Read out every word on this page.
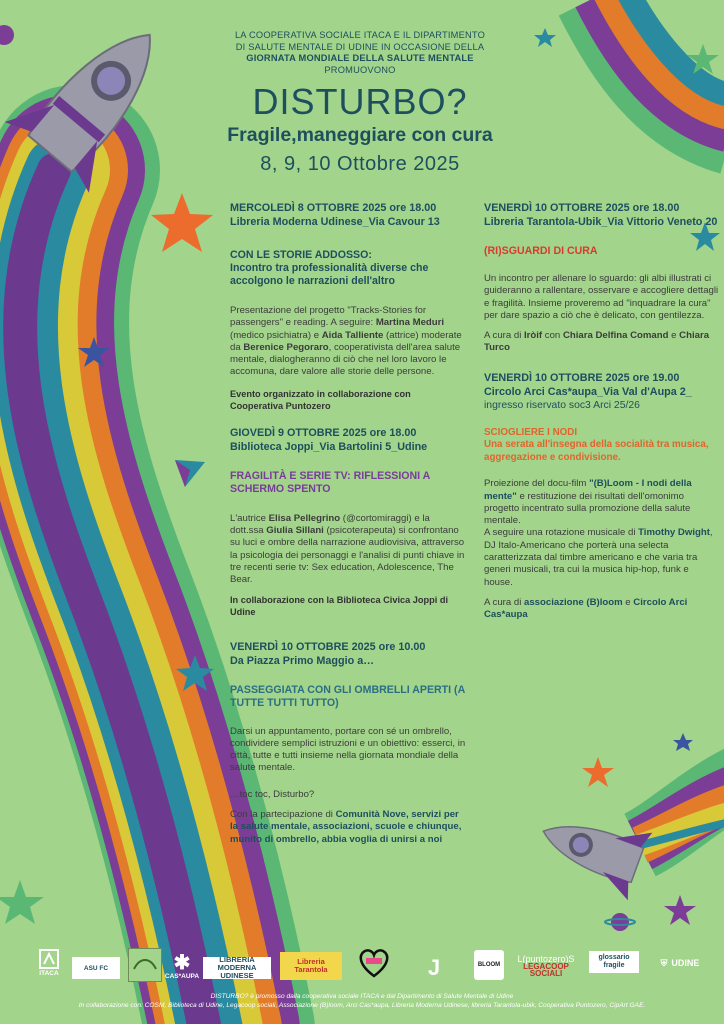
LA COOPERATIVA SOCIALE ITACA E IL DIPARTIMENTO
DI SALUTE MENTALE DI UDINE IN OCCASIONE DELLA
GIORNATA MONDIALE DELLA SALUTE MENTALE
PROMUOVONO
DISTURBO?
Fragile,maneggiare con cura
8, 9, 10 Ottobre 2025

MERCOLEDÌ 8 OTTOBRE 2025 ore 18.00

Libreria Moderna Udinese_Via Cavour 13

CON LE STORIE ADDOSSO:

Incontro tra professionalità diverse che accolgono le narrazioni dell'altro

Presentazione del progetto "Tracks-Stories for passengers" e reading. A seguire: Martina Meduri (medico psichiatra) e Aida Talliente (attrice) moderate da Berenice Pegoraro, cooperativista dell'area salute mentale, dialogheranno di ciò che nel loro lavoro le accomuna, dare valore alle storie delle persone.

Evento organizzato in collaborazione con Cooperativa Puntozero

GIOVEDÌ 9 OTTOBRE 2025 ore 18.00

Biblioteca Joppi_Via Bartolini 5_Udine

FRAGILITÀ E SERIE TV: RIFLESSIONI A SCHERMO SPENTO

L'autrice Elisa Pellegrino (@cortomiraggi) e la dott.ssa Giulia Sillani (psicoterapeuta) si confrontano su luci e ombre della narrazione audiovisiva, attraverso la psicologia dei personaggi e l'analisi di punti chiave in tre recenti serie tv: Sex education, Adolescence, The Bear.

In collaborazione con la Biblioteca Civica Joppi di Udine

VENERDÌ 10 OTTOBRE 2025 ore 10.00

Da Piazza Primo Maggio a…

PASSEGGIATA CON GLI OMBRELLI APERTI (A TUTTE TUTTI TUTTO)

Darsi un appuntamento, portare con sé un ombrello, condividere semplici istruzioni e un obiettivo: esserci, in città, tutte e tutti insieme nella giornata mondiale della salute mentale.

…toc toc, Disturbo?

Con la partecipazione di Comunità Nove, servizi per la salute mentale, associazioni, scuole e chiunque, munito di ombrello, abbia voglia di unirsi a noi

VENERDÌ 10 OTTOBRE 2025 ore 18.00

Libreria Tarantola-Ubik_Via Vittorio Veneto 20

(RI)SGUARDI DI CURA

Un incontro per allenare lo sguardo: gli albi illustrati ci guideranno a rallentare, osservare e accogliere dettagli e fragilità. Insieme proveremo ad "inquadrare la cura" per dare spazio a ciò che è delicato, con gentilezza.

A cura di Iròif con Chiara Delfina Comand e Chiara Turco

VENERDÌ 10 OTTOBRE 2025 ore 19.00

Circolo Arci Cas*aupa_Via Val d'Aupa 2_

ingresso riservato soc3 Arci 25/26

SCIOGLIERE I NODI

Una serata all'insegna della socialità tra musica, aggregazione e condivisione.

Proiezione del docu-film "(B)Loom - I nodi della mente" e restituzione dei risultati dell'omonimo progetto incentrato sulla promozione della salute mentale.

A seguire una rotazione musicale di Timothy Dwight, DJ Italo-Americano che porterà una selecta caratterizzata dal timbre americano e che varia tra generi musicali, tra cui la musica hip-hop, funk e house.

A cura di associazione (B)loom e Circolo Arci Cas*aupa

ITACA
ASU FC	✱
CAS*AUPA
LIBRERIA MODERNA UDINESE
Libreria Tarantola	J	BLOOM
L(puntozero)S
LEGACOOP SOCIALI
glossario fragile	⛨ UDINE
DISTURBO? è promosso dalla cooperativa sociale ITACA e dal Dipartimento di Salute Mentale di Udine
In collaborazione con: COSM, Biblioteca di Udine, Legacoop sociali, Associazione (B)loom, Arci Cas*aupa, Libreria Moderna Udinese, libreria Tarantola-ubik, Cooperativa Puntozero, CipArt GAE.
